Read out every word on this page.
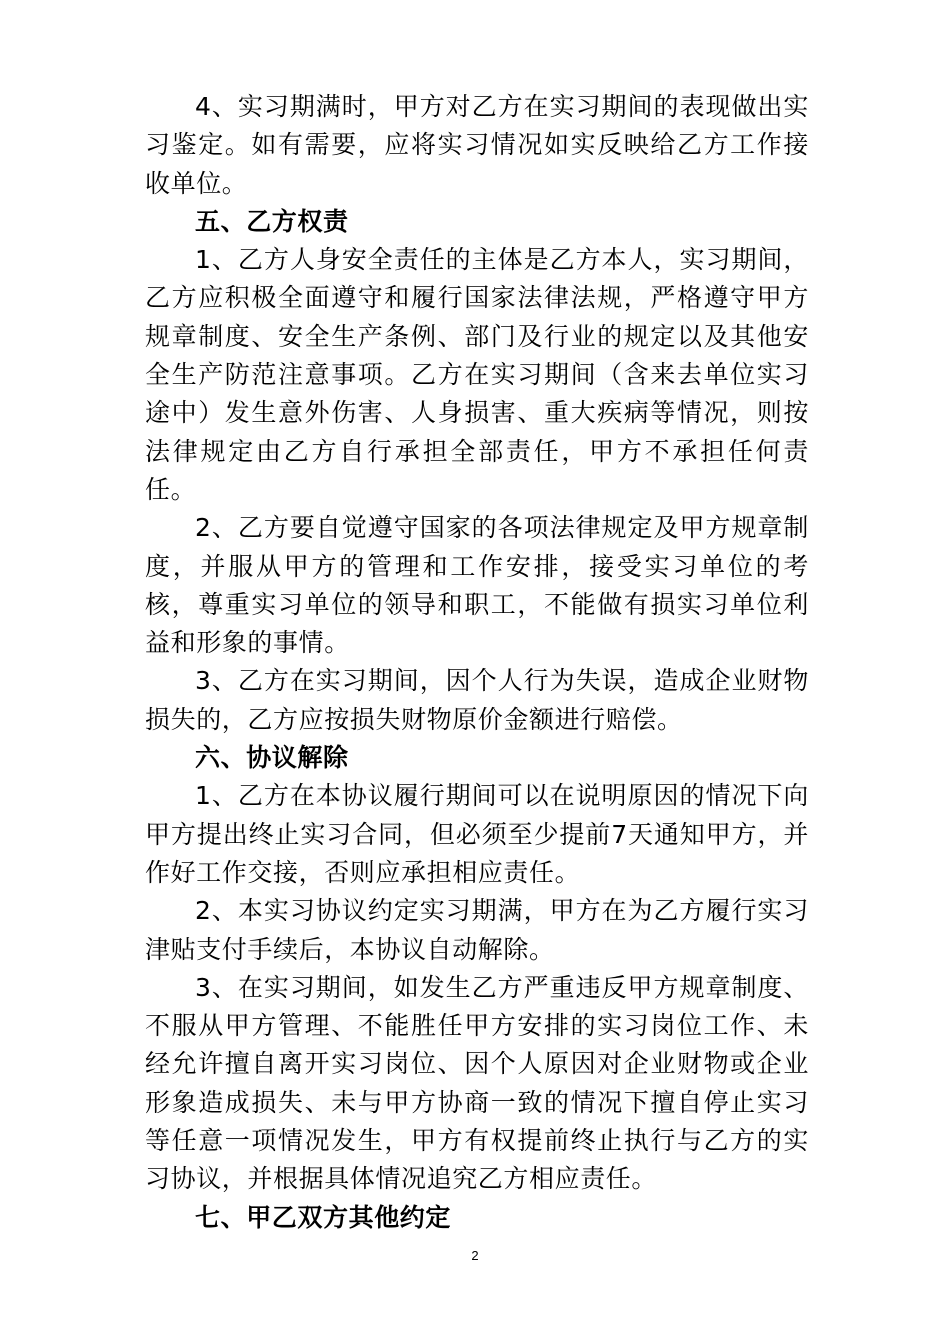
4、实习期满时，甲方对乙方在实习期间的表现做出实习鉴定。如有需要，应将实习情况如实反映给乙方工作接收单位。

五、乙方权责

1、乙方人身安全责任的主体是乙方本人，实习期间，乙方应积极全面遵守和履行国家法律法规，严格遵守甲方规章制度、安全生产条例、部门及行业的规定以及其他安全生产防范注意事项。乙方在实习期间（含来去单位实习途中）发生意外伤害、人身损害、重大疾病等情况，则按法律规定由乙方自行承担全部责任，甲方不承担任何责任。

2、乙方要自觉遵守国家的各项法律规定及甲方规章制度，并服从甲方的管理和工作安排，接受实习单位的考核，尊重实习单位的领导和职工，不能做有损实习单位利益和形象的事情。

3、乙方在实习期间，因个人行为失误，造成企业财物损失的，乙方应按损失财物原价金额进行赔偿。

六、协议解除

1、乙方在本协议履行期间可以在说明原因的情况下向甲方提出终止实习合同，但必须至少提前7天通知甲方，并作好工作交接，否则应承担相应责任。

2、本实习协议约定实习期满，甲方在为乙方履行实习津贴支付手续后，本协议自动解除。

3、在实习期间，如发生乙方严重违反甲方规章制度、不服从甲方管理、不能胜任甲方安排的实习岗位工作、未经允许擅自离开实习岗位、因个人原因对企业财物或企业形象造成损失、未与甲方协商一致的情况下擅自停止实习等任意一项情况发生，甲方有权提前终止执行与乙方的实习协议，并根据具体情况追究乙方相应责任。

七、甲乙双方其他约定

2
